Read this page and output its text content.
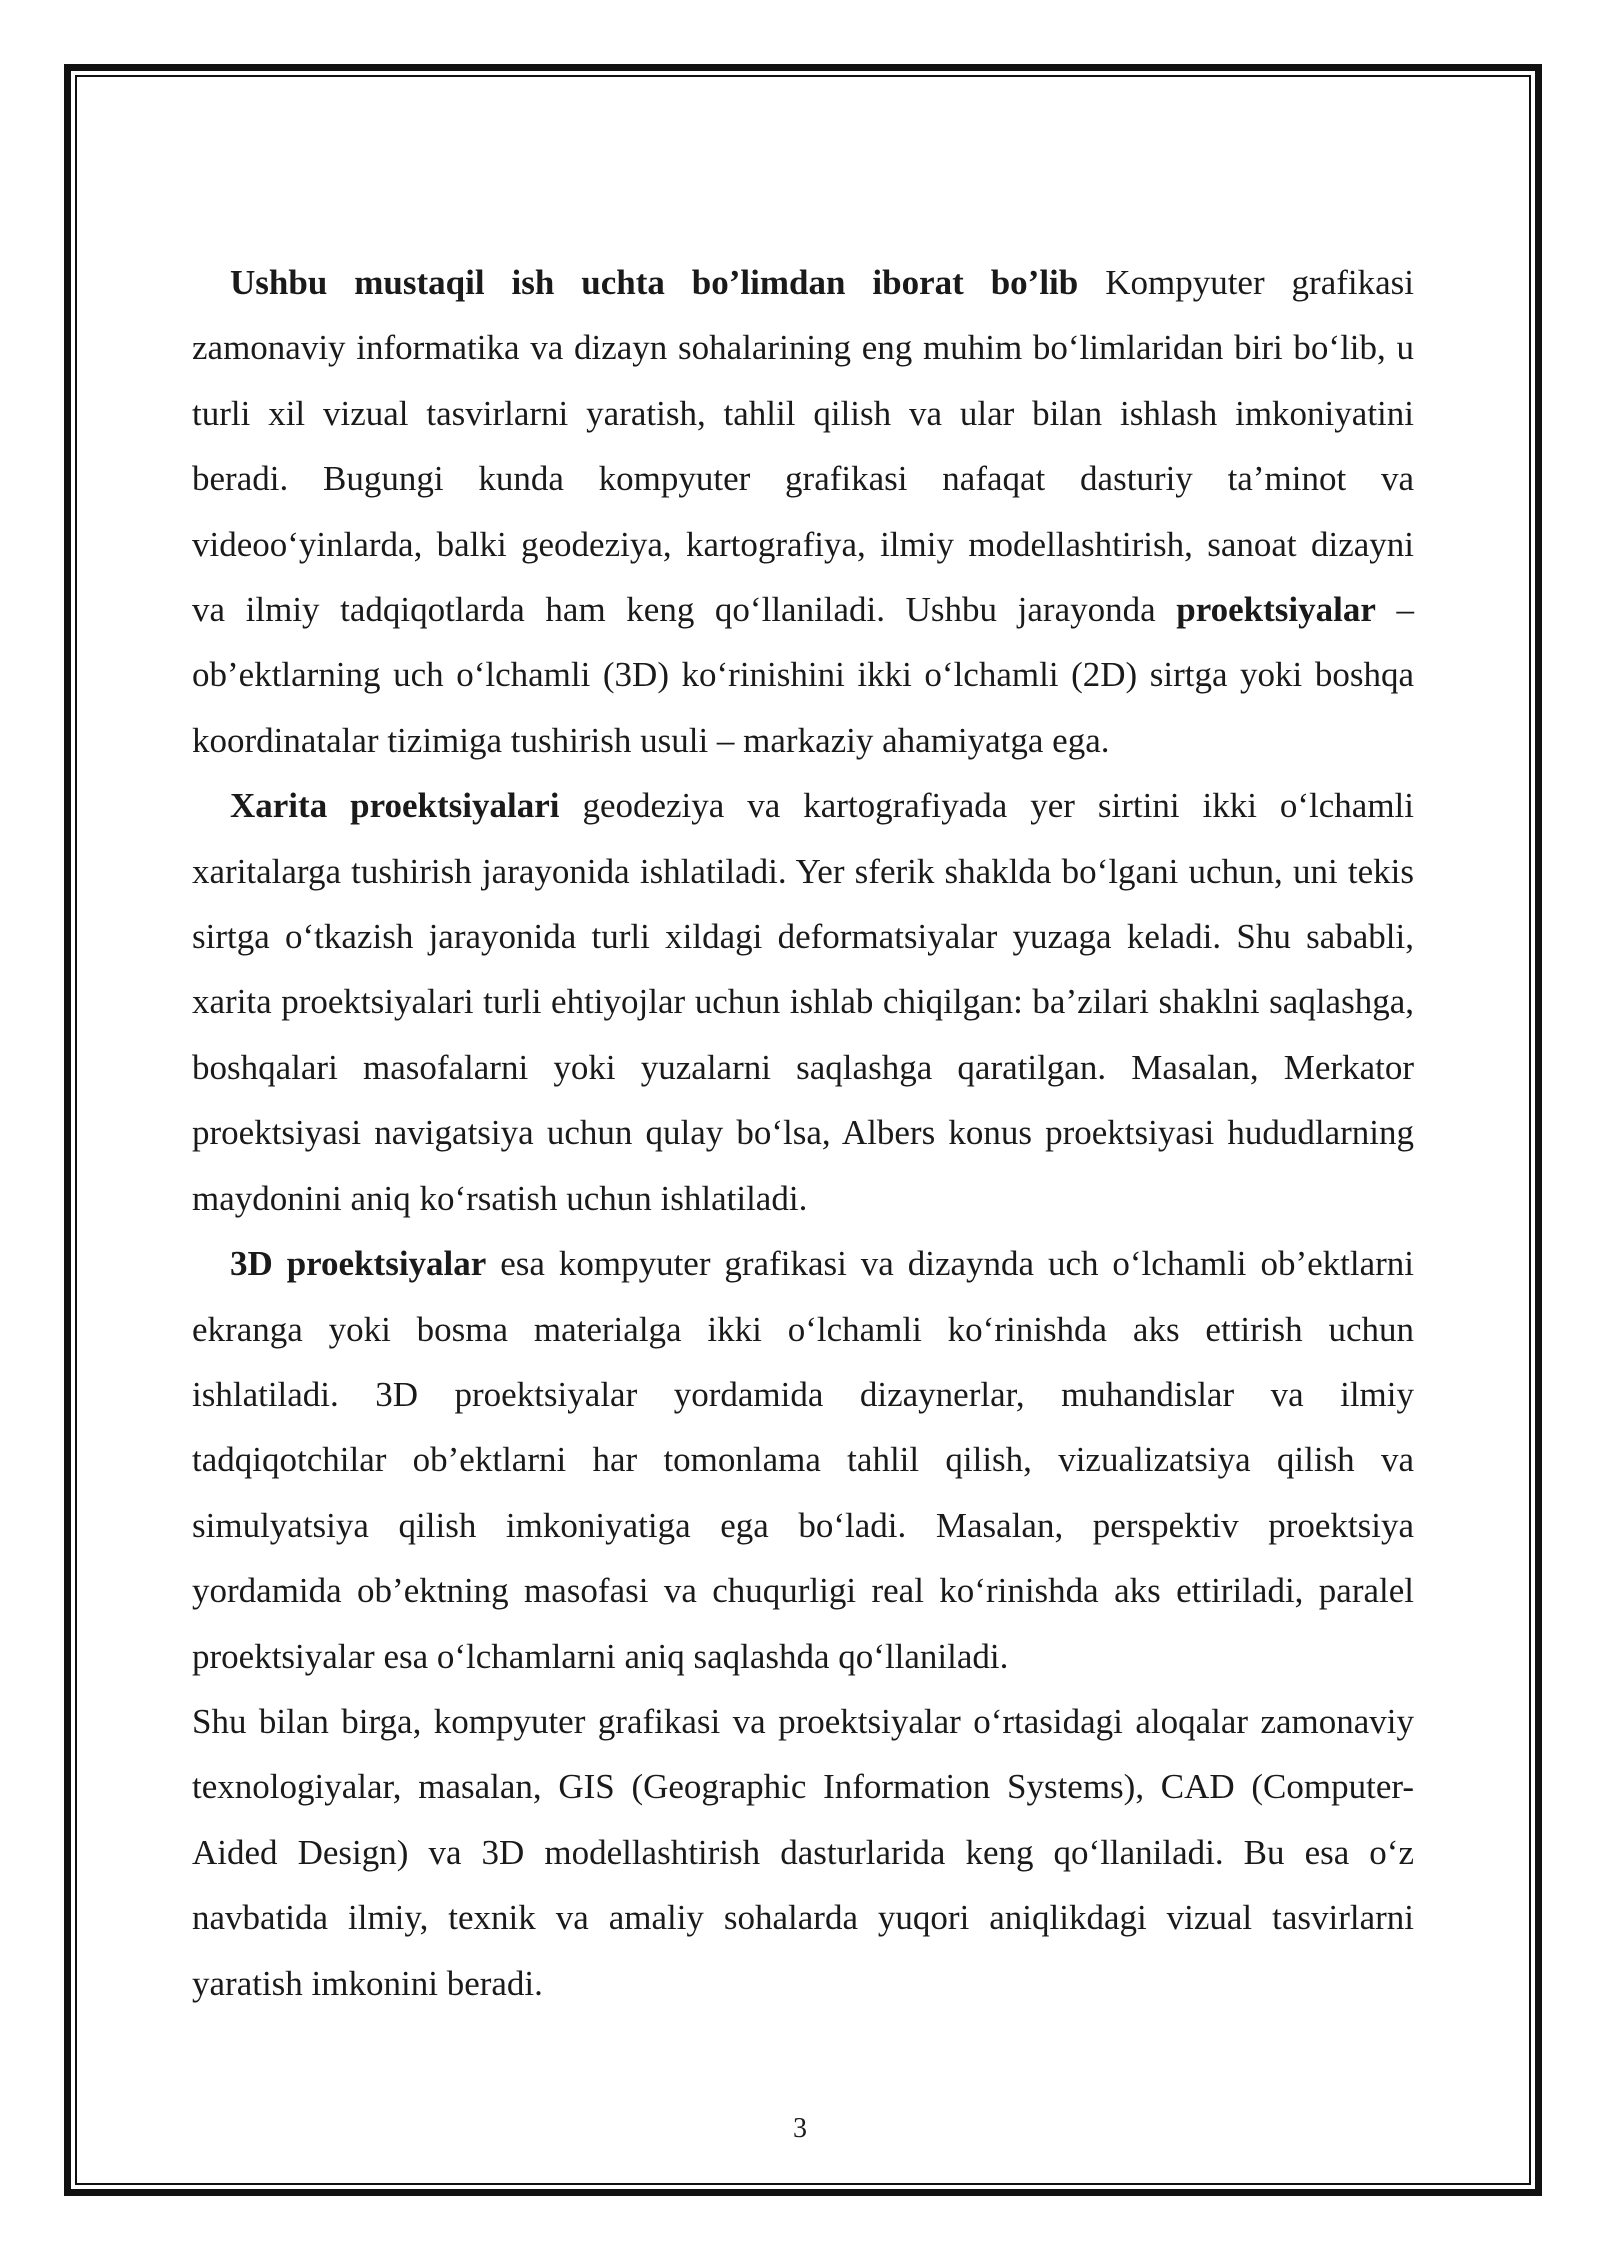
Ushbu mustaqil ish uchta bo’limdan iborat bo’lib Kompyuter grafikasi zamonaviy informatika va dizayn sohalarining eng muhim bo‘limlaridan biri bo‘lib, u turli xil vizual tasvirlarni yaratish, tahlil qilish va ular bilan ishlash imkoniyatini beradi. Bugungi kunda kompyuter grafikasi nafaqat dasturiy ta’minot va videoo‘yinlarda, balki geodeziya, kartografiya, ilmiy modellashtirish, sanoat dizayni va ilmiy tadqiqotlarda ham keng qo‘llaniladi. Ushbu jarayonda proektsiyalar – ob’ektlarning uch o‘lchamli (3D) ko‘rinishini ikki o‘lchamli (2D) sirtga yoki boshqa koordinatalar tizimiga tushirish usuli – markaziy ahamiyatga ega.

Xarita proektsiyalari geodeziya va kartografiyada yer sirtini ikki o‘lchamli xaritalarga tushirish jarayonida ishlatiladi. Yer sferik shaklda bo‘lgani uchun, uni tekis sirtga o‘tkazish jarayonida turli xildagi deformatsiyalar yuzaga keladi. Shu sababli, xarita proektsiyalari turli ehtiyojlar uchun ishlab chiqilgan: ba’zilari shaklni saqlashga, boshqalari masofalarni yoki yuzalarni saqlashga qaratilgan. Masalan, Merkator proektsiyasi navigatsiya uchun qulay bo‘lsa, Albers konus proektsiyasi hududlarning maydonini aniq ko‘rsatish uchun ishlatiladi.

3D proektsiyalar esa kompyuter grafikasi va dizaynda uch o‘lchamli ob’ektlarni ekranga yoki bosma materialga ikki o‘lchamli ko‘rinishda aks ettirish uchun ishlatiladi. 3D proektsiyalar yordamida dizaynerlar, muhandislar va ilmiy tadqiqotchilar ob’ektlarni har tomonlama tahlil qilish, vizualizatsiya qilish va simulyatsiya qilish imkoniyatiga ega bo‘ladi. Masalan, perspektiv proektsiya yordamida ob’ektning masofasi va chuqurligi real ko‘rinishda aks ettiriladi, paralel proektsiyalar esa o‘lchamlarni aniq saqlashda qo‘llaniladi.

Shu bilan birga, kompyuter grafikasi va proektsiyalar o‘rtasidagi aloqalar zamonaviy texnologiyalar, masalan, GIS (Geographic Information Systems), CAD (Computer-Aided Design) va 3D modellashtirish dasturlarida keng qo‘llaniladi. Bu esa o‘z navbatida ilmiy, texnik va amaliy sohalarda yuqori aniqlikdagi vizual tasvirlarni yaratish imkonini beradi.

3
